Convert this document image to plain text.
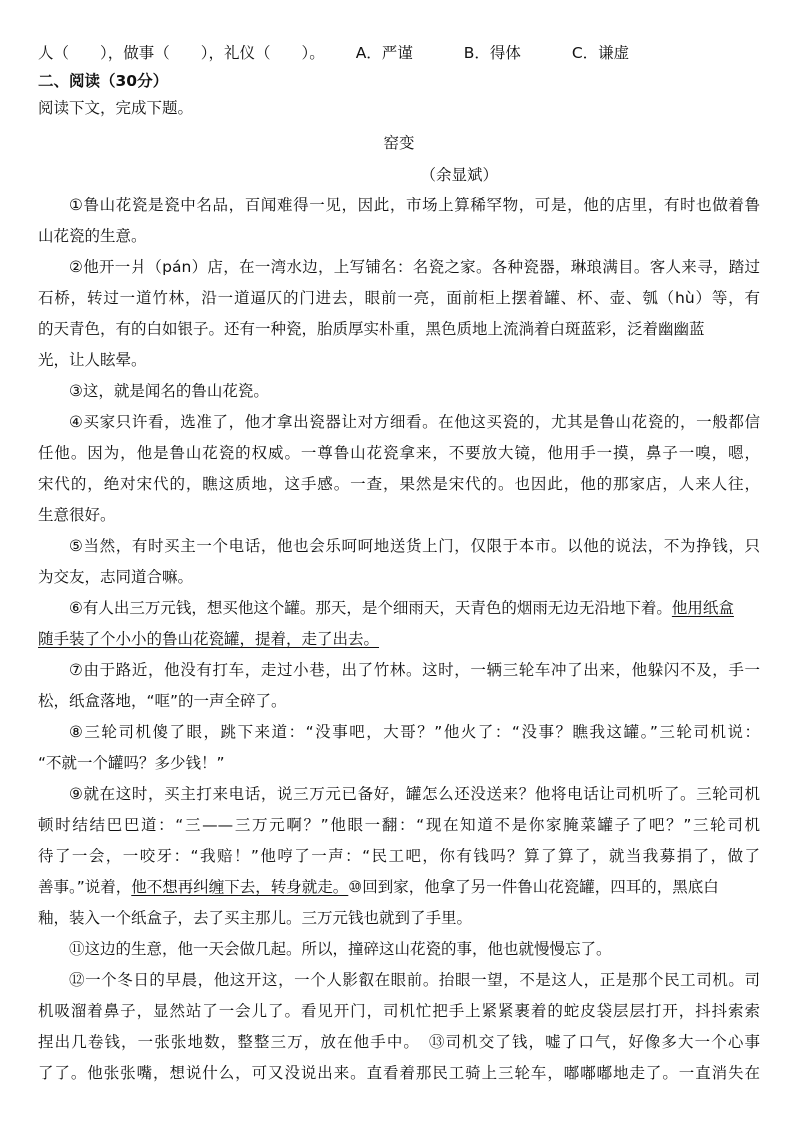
人（　　），做事（　　），礼仪（　　）。 A．严谨	B．得体	C．谦虚
二、阅读（30分）
阅读下文，完成下题。
窑变
（余显斌）
①鲁山花瓷是瓷中名品，百闻难得一见，因此，市场上算稀罕物，可是，他的店里，有时也做着鲁
山花瓷的生意。
②他开一爿（pán）店，在一湾水边，上写铺名：名瓷之家。各种瓷器，琳琅满目。客人来寻，踏过
石桥，转过一道竹林，沿一道逼仄的门进去，眼前一亮，面前柜上摆着罐、杯、壶、瓠（hù）等，有
的天青色，有的白如银子。还有一种瓷，胎质厚实朴重，黑色质地上流淌着白斑蓝彩，泛着幽幽蓝
光，让人眩晕。
③这，就是闻名的鲁山花瓷。
④买家只许看，选准了，他才拿出瓷器让对方细看。在他这买瓷的，尤其是鲁山花瓷的，一般都信
任他。因为，他是鲁山花瓷的权威。一尊鲁山花瓷拿来，不要放大镜，他用手一摸，鼻子一嗅，嗯，
宋代的，绝对宋代的，瞧这质地，这手感。一查，果然是宋代的。也因此，他的那家店，人来人往，
生意很好。
⑤当然，有时买主一个电话，他也会乐呵呵地送货上门，仅限于本市。以他的说法，不为挣钱，只
为交友，志同道合嘛。
⑥有人出三万元钱，想买他这个罐。那天，是个细雨天，天青色的烟雨无边无沿地下着。他用纸盒
随手装了个小小的鲁山花瓷罐，提着，走了出去。
⑦由于路近，他没有打车，走过小巷，出了竹林。这时，一辆三轮车冲了出来，他躲闪不及，手一
松，纸盒落地，“哐”的一声全碎了。
⑧三轮司机傻了眼，跳下来道：“没事吧，大哥？”他火了：“没事？瞧我这罐。”三轮司机说：
“不就一个罐吗？多少钱！”
⑨就在这时，买主打来电话，说三万元已备好，罐怎么还没送来？他将电话让司机听了。三轮司机
顿时结结巴巴道：“三——三万元啊？”他眼一翻：“现在知道不是你家腌菜罐子了吧？”三轮司机
待了一会，一咬牙：“我赔！”他哼了一声：“民工吧，你有钱吗？算了算了，就当我募捐了，做了
善事。”说着，他不想再纠缠下去，转身就走。⑩回到家，他拿了另一件鲁山花瓷罐，四耳的，黑底白
釉，装入一个纸盒子，去了买主那儿。三万元钱也就到了手里。
⑪这边的生意，他一天会做几起。所以，撞碎这山花瓷的事，他也就慢慢忘了。
⑫一个冬日的早晨，他这开这，一个人影叡在眼前。抬眼一望，不是这人，正是那个民工司机。司
机吸溜着鼻子，显然站了一会儿了。看见开门，司机忙把手上紧紧裹着的蛇皮袋层层打开，抖抖索索
捏出几卷钱，一张张地数，整整三万，放在他手中。　⑬司机交了钱，嘘了口气，好像多大一个心事
了了。他张张嘴，想说什么，可又没说出来。直看着那民工骑上三轮车，嘟嘟嘟地走了。一直消失在
